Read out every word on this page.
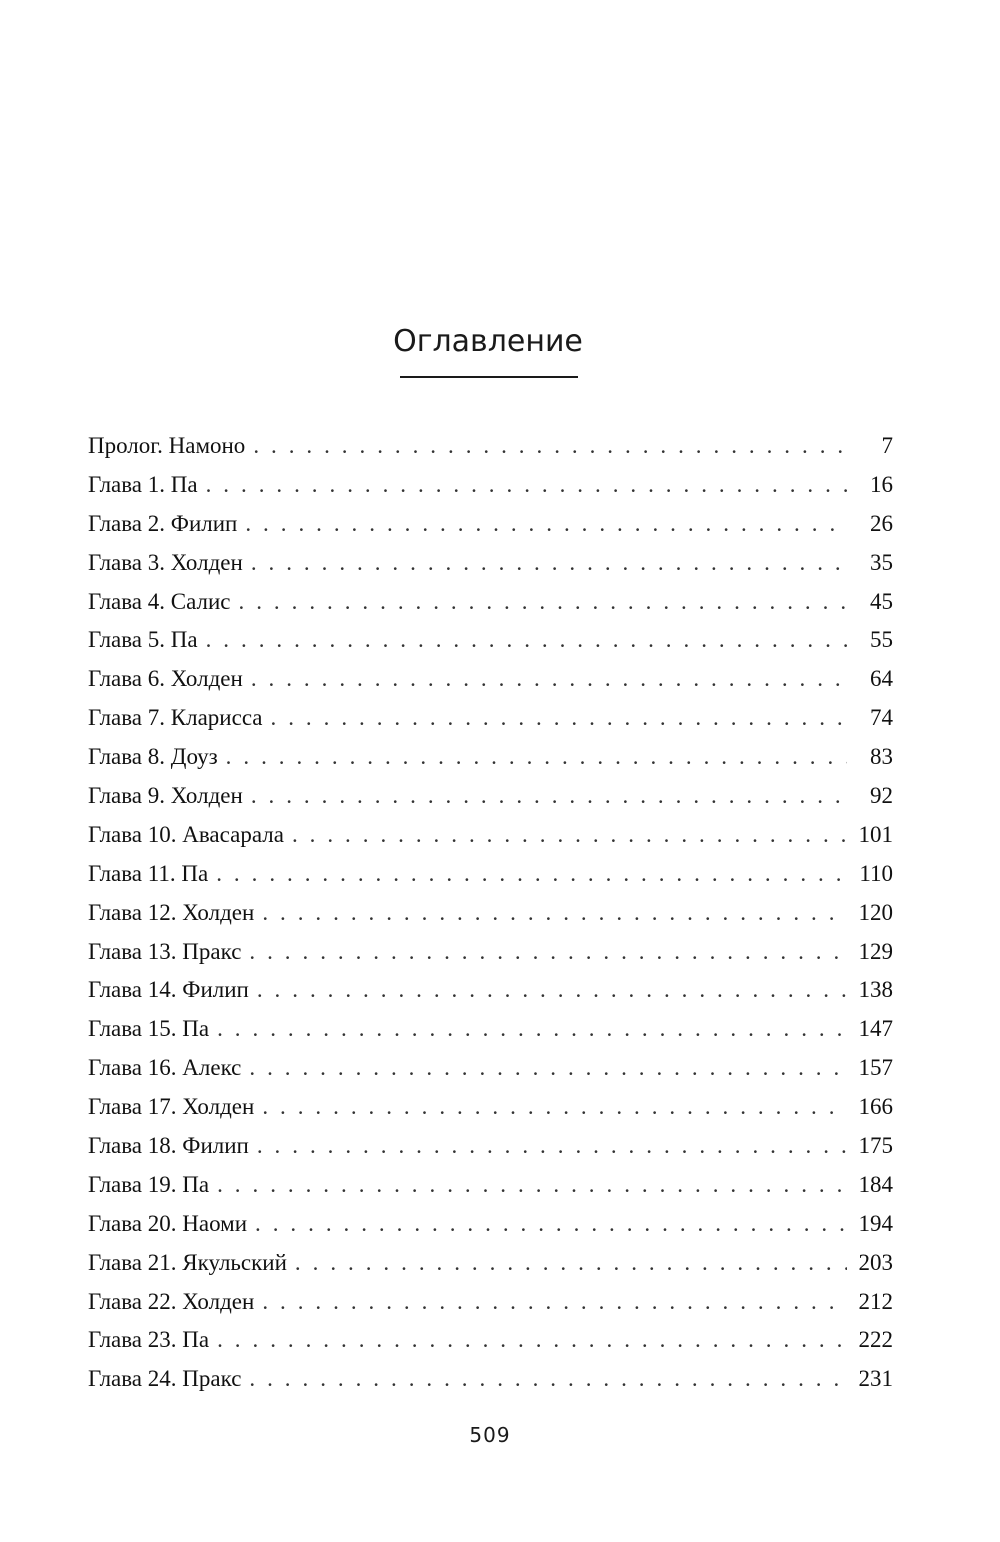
Оглавление
Пролог. Намоно . . .	7
Глава 1. Па . . .	16
Глава 2. Филип . . .	26
Глава 3. Холден . . .	35
Глава 4. Салис . . .	45
Глава 5. Па . . .	55
Глава 6. Холден . . .	64
Глава 7. Кларисса . . .	74
Глава 8. Доуз . . .	83
Глава 9. Холден . . .	92
Глава 10. Авасарала . . .	101
Глава 11. Па . . .	110
Глава 12. Холден . . .	120
Глава 13. Пракс . . .	129
Глава 14. Филип . . .	138
Глава 15. Па . . .	147
Глава 16. Алекс . . .	157
Глава 17. Холден . . .	166
Глава 18. Филип . . .	175
Глава 19. Па . . .	184
Глава 20. Наоми . . .	194
Глава 21. Якульский . . .	203
Глава 22. Холден . . .	212
Глава 23. Па . . .	222
Глава 24. Пракс . . .	231
509
